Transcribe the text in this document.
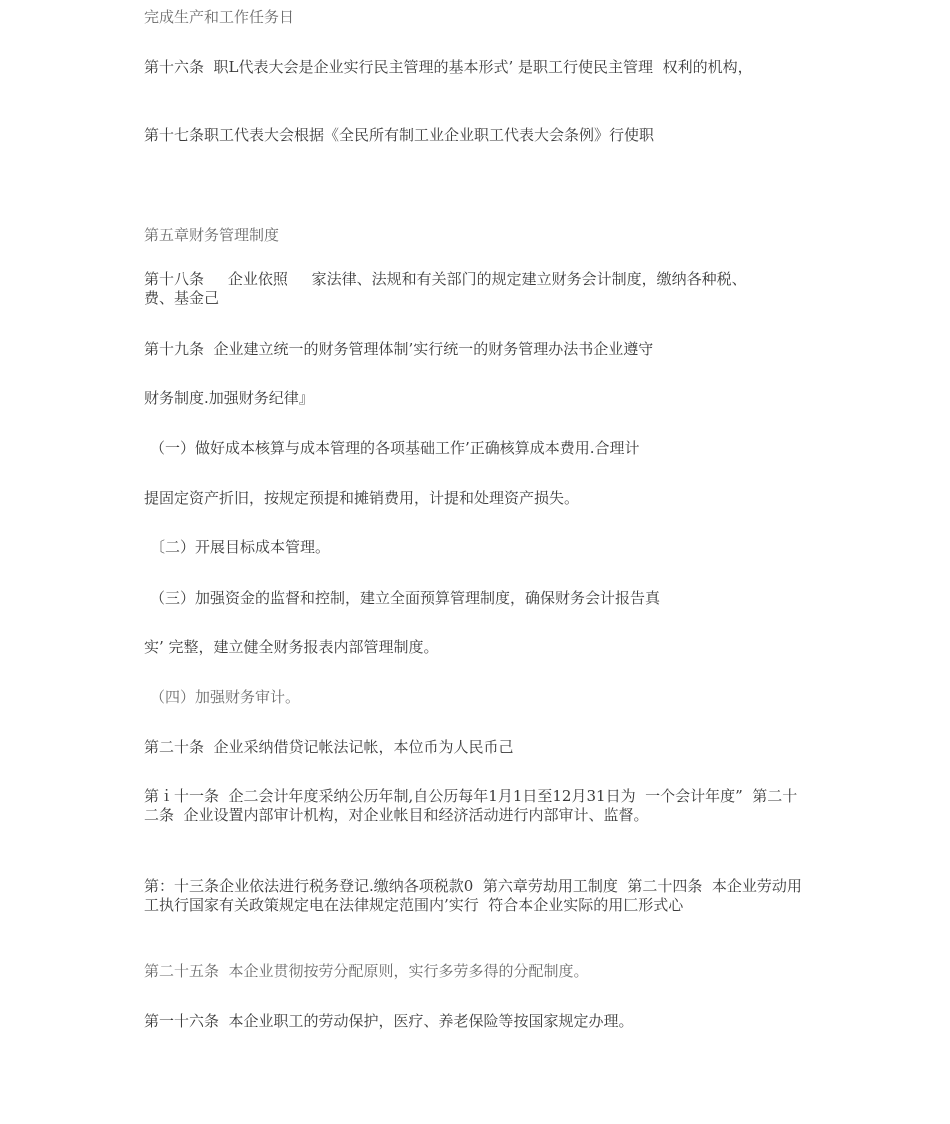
完成生产和工作任务日
第十六条  职L代表大会是企业实行民主管理的基本形式’ 是职工行使民主管理  权利的机构，
第十七条职工代表大会根据《全民所有制工业企业职工代表大会条例》行使职
第五章财务管理制度
第十八条     企业依照     家法律、法规和有关部门的规定建立财务会计制度，缴纳各种税、费、基金己
第十九条  企业建立统一的财务管理体制’实行统一的财务管理办法书企业遵守
财务制度.加强财务纪律』
（一）做好成本核算与成本管理的各项基础工作’正确核算成本费用.合理计
提固定资产折旧，按规定预提和摊销费用，计提和处理资产损失。
〔二）开展目标成本管理。
（三）加强资金的监督和控制，建立全面预算管理制度，确保财务会计报告真
实’ 完整，建立健全财务报表内部管理制度。
（四）加强财务审计。
第二十条  企业采纳借贷记帐法记帐，本位币为人民币己
第ｉ十一条  企二会计年度采纳公历年制,自公历每年1月1日至12月31日为  一个会计年度”  第二十二条  企业设置内部审计机构，对企业帐目和经济活动进行内部审计、监督。
第：十三条企业依法进行税务登记.缴纳各项税款0  第六章劳劫用工制度  第二十四条  本企业劳动用工执行国家有关政策规定电在法律规定范围内’实行  符合本企业实际的用匚形式心
第二十五条  本企业贯彻按劳分配原则，实行多劳多得的分配制度。
第一十六条  本企业职工的劳动保护，医疗、养老保险等按国家规定办理。
